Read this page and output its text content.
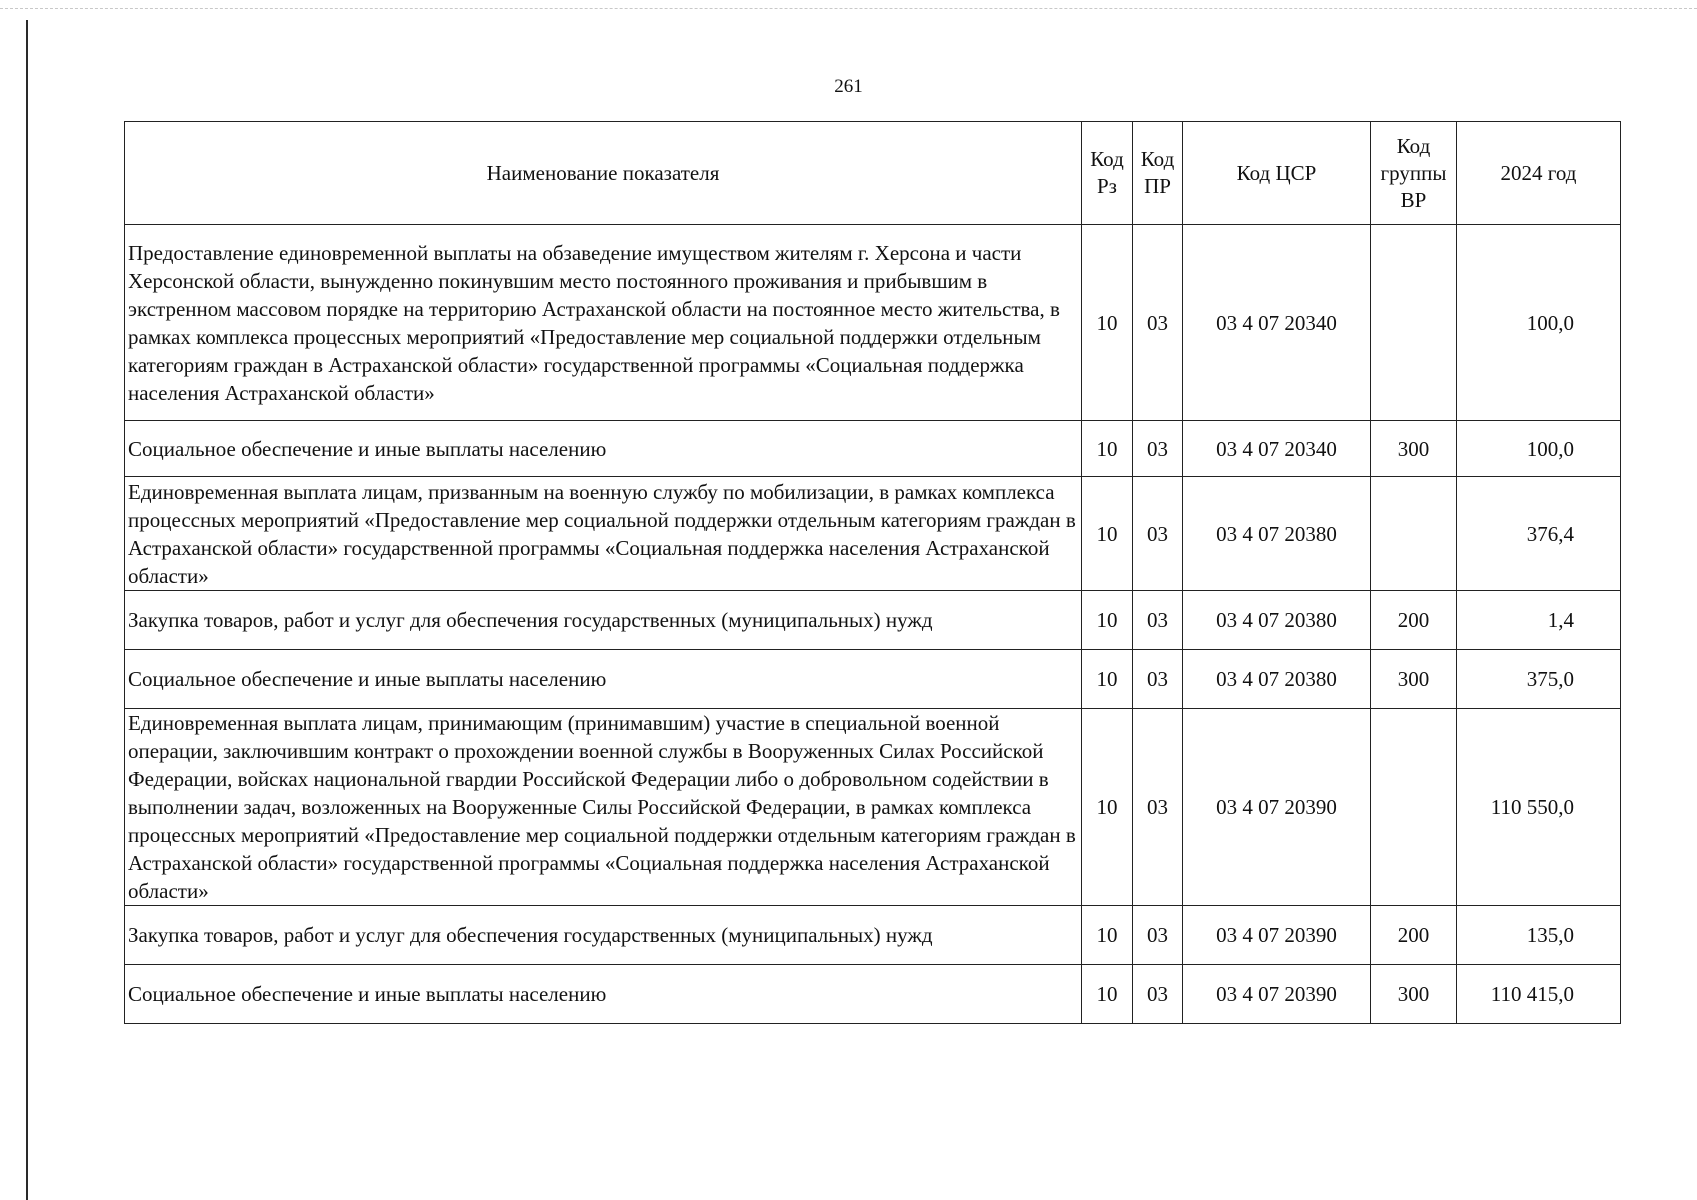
261
Наименование показателя	Код Рз	Код ПР	Код ЦСР	Код группы ВР	2024 год
Предоставление единовременной выплаты на обзаведение имуществом жителям г. Херсона и части Херсонской области, вынужденно покинувшим место постоянного проживания и прибывшим в экстренном массовом порядке на территорию Астраханской области на постоянное место жительства, в рамках комплекса процессных мероприятий «Предоставление мер социальной поддержки отдельным категориям граждан в Астраханской области» государственной программы «Социальная поддержка населения Астраханской области»	10	03	03 4 07 20340		100,0
Социальное обеспечение и иные выплаты населению	10	03	03 4 07 20340	300	100,0
Единовременная выплата лицам, призванным на военную службу по мобилизации, в рамках комплекса процессных мероприятий «Предоставление мер социальной поддержки отдельным категориям граждан в Астраханской области» государственной программы «Социальная поддержка населения Астраханской области»	10	03	03 4 07 20380		376,4
Закупка товаров, работ и услуг для обеспечения государственных (муниципальных) нужд	10	03	03 4 07 20380	200	1,4
Социальное обеспечение и иные выплаты населению	10	03	03 4 07 20380	300	375,0
Единовременная выплата лицам, принимающим (принимавшим) участие в специальной военной операции, заключившим контракт о прохождении военной службы в Вооруженных Силах Российской Федерации, войсках национальной гвардии Российской Федерации либо о добровольном содействии в выполнении задач, возложенных на Вооруженные Силы Российской Федерации, в рамках комплекса процессных мероприятий «Предоставление мер социальной поддержки отдельным категориям граждан в Астраханской области» государственной программы «Социальная поддержка населения Астраханской области»	10	03	03 4 07 20390		110 550,0
Закупка товаров, работ и услуг для обеспечения государственных (муниципальных) нужд	10	03	03 4 07 20390	200	135,0
Социальное обеспечение и иные выплаты населению	10	03	03 4 07 20390	300	110 415,0
